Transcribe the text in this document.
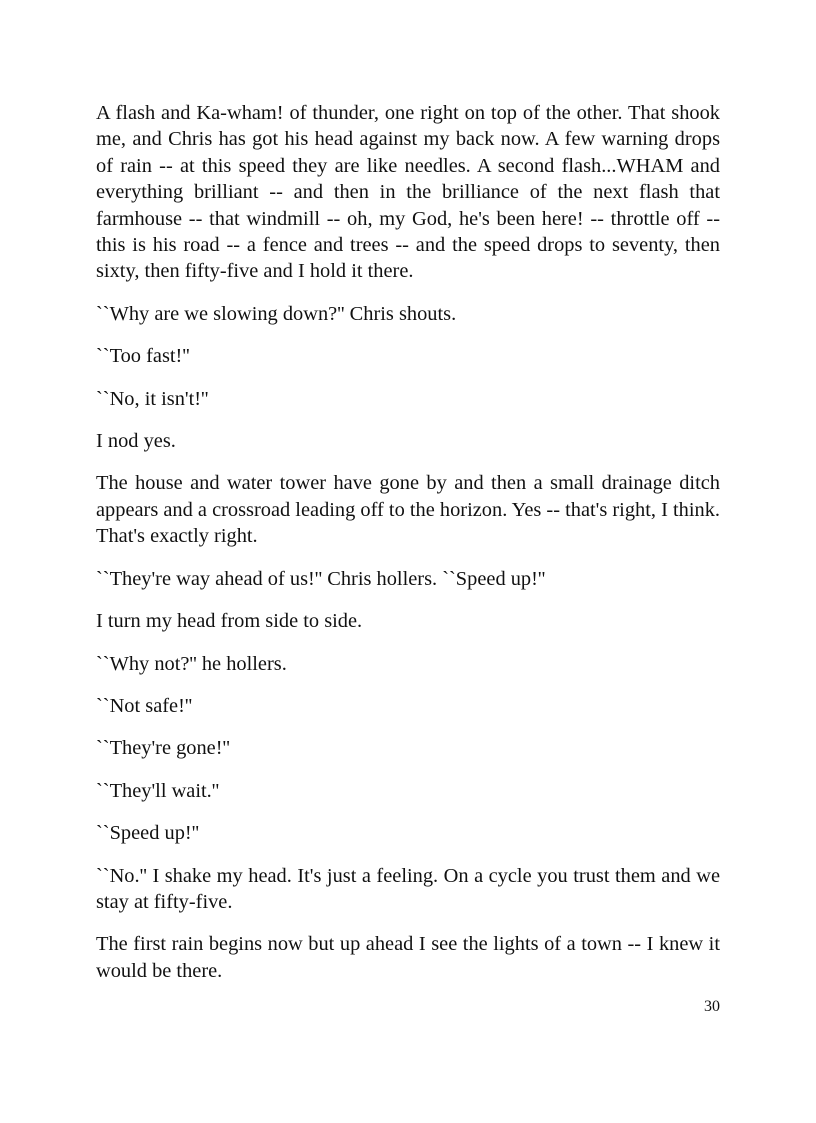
A flash and Ka-wham! of thunder, one right on top of the other. That shook me, and Chris has got his head against my back now. A few warning drops of rain -- at this speed they are like needles. A second flash...WHAM and everything brilliant -- and then in the brilliance of the next flash that farmhouse -- that windmill -- oh, my God, he's been here! -- throttle off -- this is his road -- a fence and trees -- and the speed drops to seventy, then sixty, then fifty-five and I hold it there.

``Why are we slowing down?'' Chris shouts.

``Too fast!''

``No, it isn't!''

I nod yes.

The house and water tower have gone by and then a small drainage ditch appears and a crossroad leading off to the horizon. Yes -- that's right, I think. That's exactly right.

``They're way ahead of us!'' Chris hollers. ``Speed up!''

I turn my head from side to side.

``Why not?'' he hollers.

``Not safe!''

``They're gone!''

``They'll wait.''

``Speed up!''

``No.'' I shake my head. It's just a feeling. On a cycle you trust them and we stay at fifty-five.

The first rain begins now but up ahead I see the lights of a town -- I knew it would be there.

30
